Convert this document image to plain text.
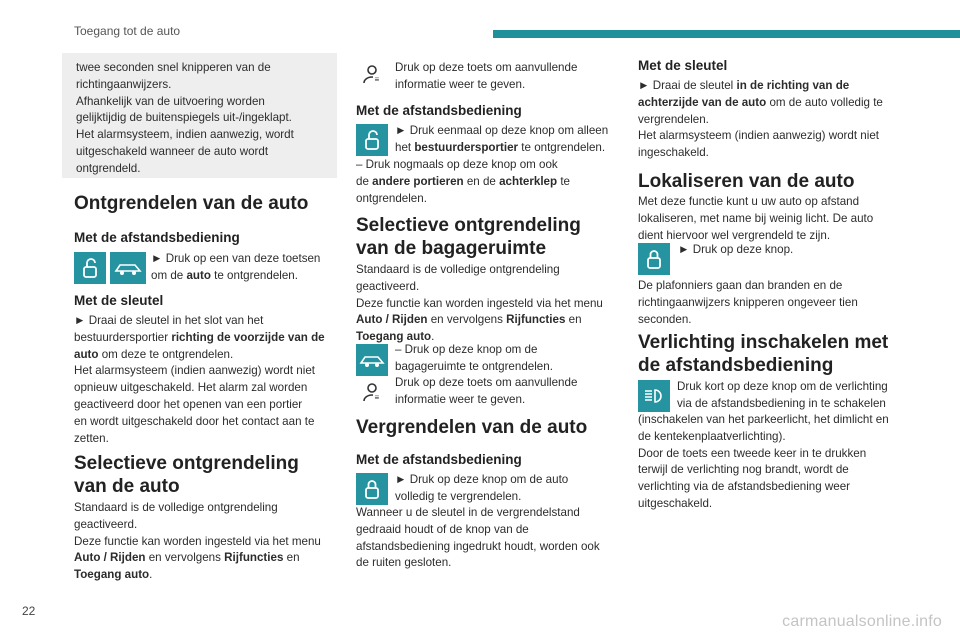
Toegang tot de auto
twee seconden snel knipperen van de
richtingaanwijzers.
Afhankelijk van de uitvoering worden
gelijktijdig de buitenspiegels uit-/ingeklapt.
Het alarmsysteem, indien aanwezig, wordt
uitgeschakeld wanneer de auto wordt
ontgrendeld.
Ontgrendelen van de auto
Met de afstandsbediening
► Druk op een van deze toetsen
om de auto te ontgrendelen.
Met de sleutel
► Draai de sleutel in het slot van het
bestuurdersportier richting de voorzijde van de
auto om deze te ontgrendelen.
Het alarmsysteem (indien aanwezig) wordt niet
opnieuw uitgeschakeld. Het alarm zal worden
geactiveerd door het openen van een portier
en wordt uitgeschakeld door het contact aan te
zetten.
Selectieve ontgrendeling
van de auto
Standaard is de volledige ontgrendeling
geactiveerd.
Deze functie kan worden ingesteld via het menu
Auto / Rijden en vervolgens Rijfuncties en
Toegang auto.
≡
Druk op deze toets om aanvullende
informatie weer te geven.
Met de afstandsbediening
► Druk eenmaal op deze knop om alleen
het bestuurdersportier te ontgrendelen.
– Druk nogmaals op deze knop om ook
de andere portieren en de achterklep te
ontgrendelen.
Selectieve ontgrendeling
van de bagageruimte
Standaard is de volledige ontgrendeling
geactiveerd.
Deze functie kan worden ingesteld via het menu
Auto / Rijden en vervolgens Rijfuncties en
Toegang auto.
– Druk op deze knop om de
bagageruimte te ontgrendelen.
≡
Druk op deze toets om aanvullende
informatie weer te geven.
Vergrendelen van de auto
Met de afstandsbediening
► Druk op deze knop om de auto
volledig te vergrendelen.
Wanneer u de sleutel in de vergrendelstand
gedraaid houdt of de knop van de
afstandsbediening ingedrukt houdt, worden ook
de ruiten gesloten.
Met de sleutel
► Draai de sleutel in de richting van de
achterzijde van de auto om de auto volledig te
vergrendelen.
Het alarmsysteem (indien aanwezig) wordt niet
ingeschakeld.
Lokaliseren van de auto
Met deze functie kunt u uw auto op afstand
lokaliseren, met name bij weinig licht. De auto
dient hiervoor wel vergrendeld te zijn.
► Druk op deze knop.
De plafonniers gaan dan branden en de
richtingaanwijzers knipperen ongeveer tien
seconden.
Verlichting inschakelen met
de afstandsbediening
Druk kort op deze knop om de verlichting
via de afstandsbediening in te schakelen
(inschakelen van het parkeerlicht, het dimlicht en
de kentekenplaatverlichting).
Door de toets een tweede keer in te drukken
terwijl de verlichting nog brandt, wordt de
verlichting via de afstandsbediening weer
uitgeschakeld.
22
carmanualsonline.info
